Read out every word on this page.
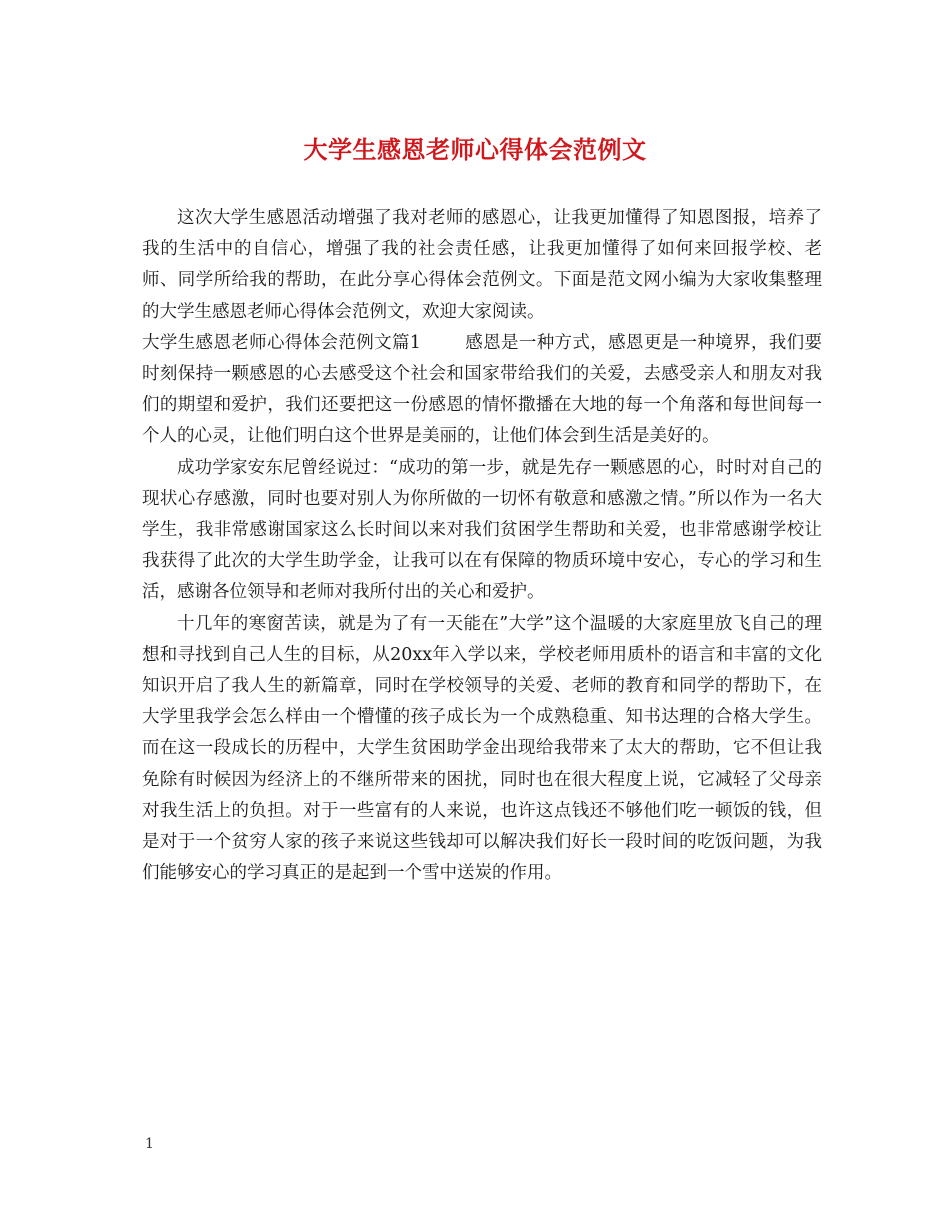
大学生感恩老师心得体会范例文

这次大学生感恩活动增强了我对老师的感恩心，让我更加懂得了知恩图报，培养了我的生活中的自信心，增强了我的社会责任感，让我更加懂得了如何来回报学校、老师、同学所给我的帮助，在此分享心得体会范例文。下面是范文网小编为大家收集整理的大学生感恩老师心得体会范例文，欢迎大家阅读。

大学生感恩老师心得体会范例文篇1	感恩是一种方式，感恩更是一种境界，我们要时刻保持一颗感恩的心去感受这个社会和国家带给我们的关爱，去感受亲人和朋友对我们的期望和爱护，我们还要把这一份感恩的情怀撒播在大地的每一个角落和每世间每一个人的心灵，让他们明白这个世界是美丽的，让他们体会到生活是美好的。

成功学家安东尼曾经说过：“成功的第一步，就是先存一颗感恩的心，时时对自己的现状心存感激，同时也要对别人为你所做的一切怀有敬意和感激之情。”所以作为一名大学生，我非常感谢国家这么长时间以来对我们贫困学生帮助和关爱，也非常感谢学校让我获得了此次的大学生助学金，让我可以在有保障的物质环境中安心，专心的学习和生活，感谢各位领导和老师对我所付出的关心和爱护。

十几年的寒窗苦读，就是为了有一天能在”大学”这个温暖的大家庭里放飞自己的理想和寻找到自己人生的目标，从20xx年入学以来，学校老师用质朴的语言和丰富的文化知识开启了我人生的新篇章，同时在学校领导的关爱、老师的教育和同学的帮助下，在大学里我学会怎么样由一个懵懂的孩子成长为一个成熟稳重、知书达理的合格大学生。而在这一段成长的历程中，大学生贫困助学金出现给我带来了太大的帮助，它不但让我免除有时候因为经济上的不继所带来的困扰，同时也在很大程度上说，它减轻了父母亲对我生活上的负担。对于一些富有的人来说，也许这点钱还不够他们吃一顿饭的钱，但是对于一个贫穷人家的孩子来说这些钱却可以解决我们好长一段时间的吃饭问题，为我们能够安心的学习真正的是起到一个雪中送炭的作用。

1
